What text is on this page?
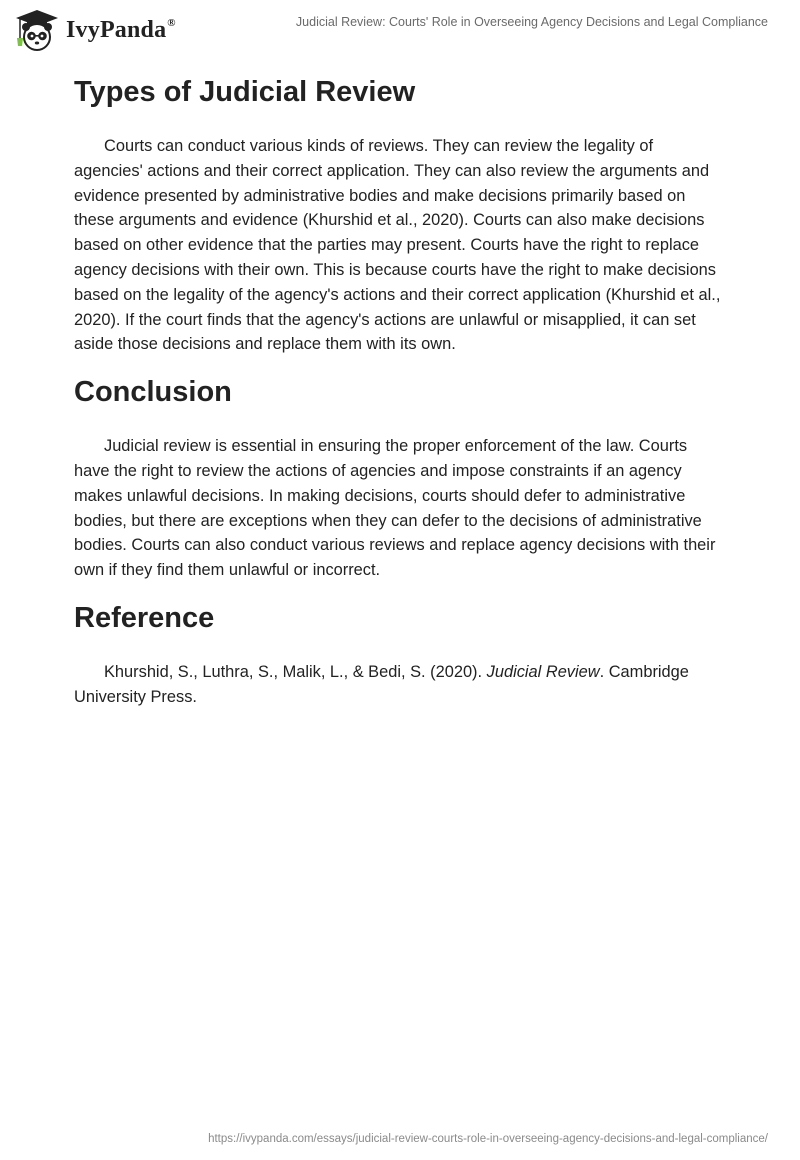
IvyPanda®	Judicial Review: Courts' Role in Overseeing Agency Decisions and Legal Compliance
Types of Judicial Review

Courts can conduct various kinds of reviews. They can review the legality of agencies' actions and their correct application. They can also review the arguments and evidence presented by administrative bodies and make decisions primarily based on these arguments and evidence (Khurshid et al., 2020). Courts can also make decisions based on other evidence that the parties may present. Courts have the right to replace agency decisions with their own. This is because courts have the right to make decisions based on the legality of the agency's actions and their correct application (Khurshid et al., 2020). If the court finds that the agency's actions are unlawful or misapplied, it can set aside those decisions and replace them with its own.

Conclusion

Judicial review is essential in ensuring the proper enforcement of the law. Courts have the right to review the actions of agencies and impose constraints if an agency makes unlawful decisions. In making decisions, courts should defer to administrative bodies, but there are exceptions when they can defer to the decisions of administrative bodies. Courts can also conduct various reviews and replace agency decisions with their own if they find them unlawful or incorrect.

Reference

Khurshid, S., Luthra, S., Malik, L., & Bedi, S. (2020). Judicial Review. Cambridge University Press.

https://ivypanda.com/essays/judicial-review-courts-role-in-overseeing-agency-decisions-and-legal-compliance/
